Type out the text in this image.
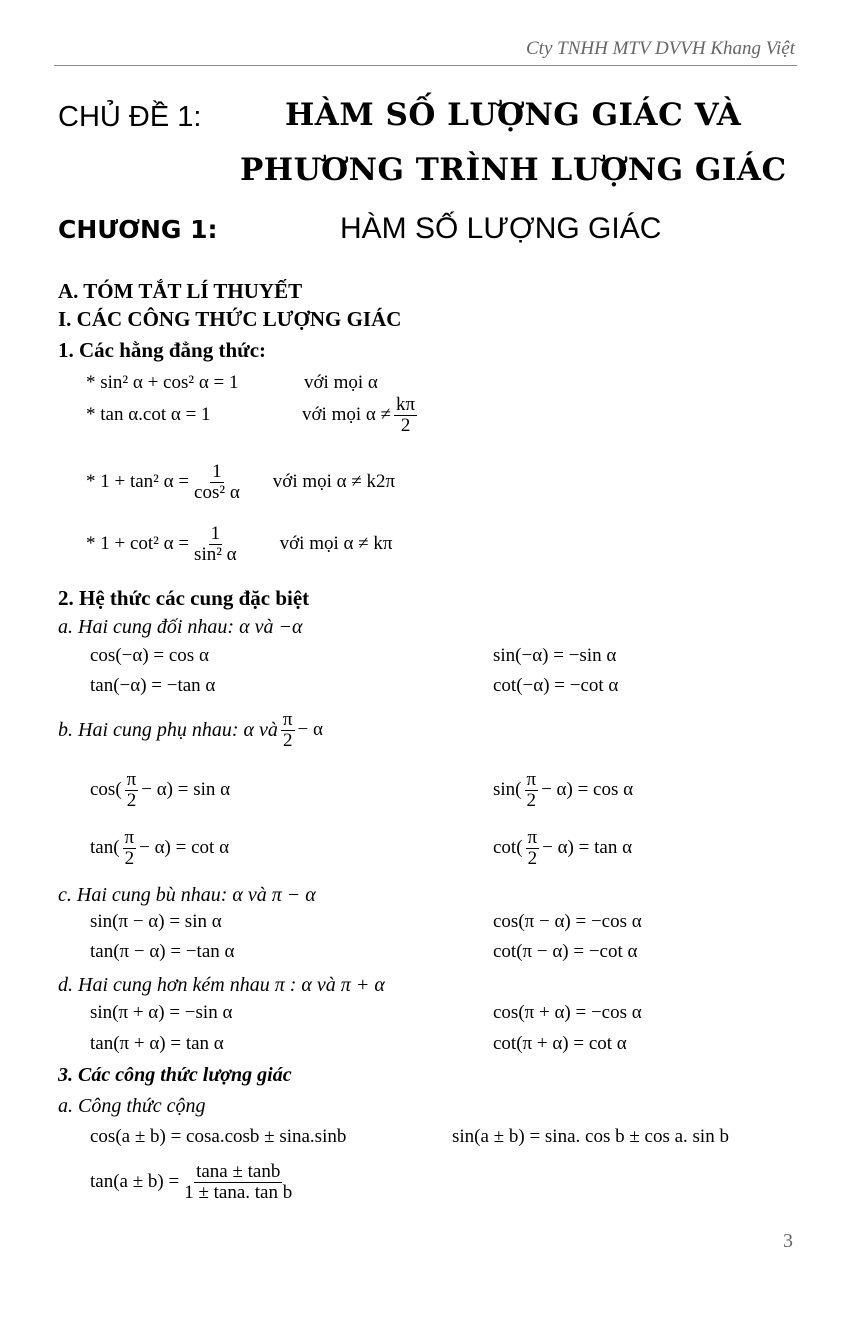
Cty TNHH MTV DVVH Khang Việt
CHỦ ĐỀ 1:	HÀM SỐ LƯỢNG GIÁC VÀ
PHƯƠNG TRÌNH LƯỢNG GIÁC
CHƯƠNG 1:	HÀM SỐ LƯỢNG GIÁC
A. TÓM TẮT LÍ THUYẾT
I. CÁC CÔNG THỨC LƯỢNG GIÁC
1. Các hằng đẳng thức:
* sin² α + cos² α = 1	với mọi α
* tan α.cot α = 1	với mọi $\alpha \ne \frac{k\pi}{2}$
* 1 + tan² $\alpha = \frac{1}{\text{cos² α}}$ với mọi α ≠ k2π
* 1 + cot² $\alpha = \frac{1}{\text{sin² α}}$ với mọi α ≠ kπ
2. Hệ thức các cung đặc biệt
a. Hai cung đối nhau: α và −α
cos(−α) = cos α	sin(−α) = −sin α
tan(−α) = −tan α	cot(−α) = −cot α
b. Hai cung phụ nhau: α và $\frac{\pi}{2} - \alpha$
$\cos( \frac{\pi}{2} - \alpha) = \sin \alpha$	$\sin( \frac{\pi}{2} - \alpha) = \cos \alpha$
$\tan( \frac{\pi}{2} - \alpha) = \cot \alpha$	$\cot( \frac{\pi}{2} - \alpha) = \tan \alpha$
c. Hai cung bù nhau: α và π − α
sin(π − α) = sin α	cos(π − α) = −cos α
tan(π − α) = −tan α	cot(π − α) = −cot α
d. Hai cung hơn kém nhau π : α và π + α
sin(π + α) = −sin α	cos(π + α) = −cos α
tan(π + α) = tan α	cot(π + α) = cot α
3. Các công thức lượng giác
a. Công thức cộng
cos(a ± b) = cosa.cosb ± sina.sinb	sin(a ± b) = sina. cos b ± cos a. sin b
$\tan(a \pm b) = \frac{\tan a \pm \tan b}{\text{1 ± tana. tan b}}$
3
